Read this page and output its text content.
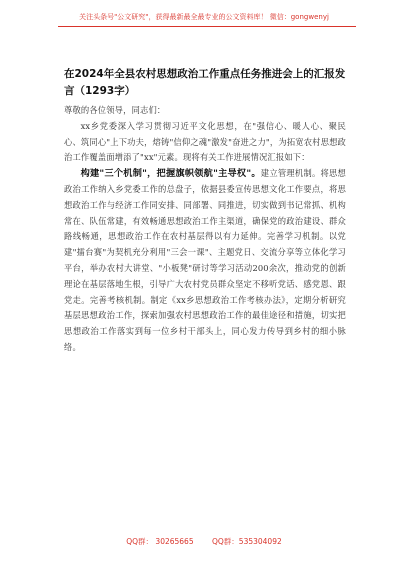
关注头条号"公文研究"，获得最新最全最专业的公文资料库！ 微信：gongwenyj
在2024年全县农村思想政治工作重点任务推进会上的汇报发言（1293字）

尊敬的各位领导，同志们：

xx乡党委深入学习贯彻习近平文化思想，在"强信心、暖人心、聚民心、筑同心"上下功夫，熔铸"信仰之魂"激发"奋进之力"，为拓宽农村思想政治工作覆盖面增添了"xx"元素。现将有关工作进展情况汇报如下：

构建"三个机制"，把握旗帜领航"主导权"。建立管理机制。将思想政治工作纳入乡党委工作的总盘子，依据县委宣传思想文化工作要点，将思想政治工作与经济工作同安排、同部署、同推进，切实做到书记常抓、机构常在、队伍常建，有效畅通思想政治工作主渠道，确保党的政治建设、群众路线畅通，思想政治工作在农村基层得以有力延伸。完善学习机制。以党建"擂台赛"为契机充分利用"三会一课"、主题党日、交流分享等立体化学习平台，举办农村大讲堂、"小板凳"研讨等学习活动200余次，推动党的创新理论在基层落地生根，引导广大农村党员群众坚定不移听党话、感党恩、跟党走。完善考核机制。制定《xx乡思想政治工作考核办法》，定期分析研究基层思想政治工作，探索加强农村思想政治工作的最佳途径和措施，切实把思想政治工作落实到每一位乡村干部头上，同心发力传导到乡村的细小脉络。

QQ群： 30265665 QQ群：535304092
